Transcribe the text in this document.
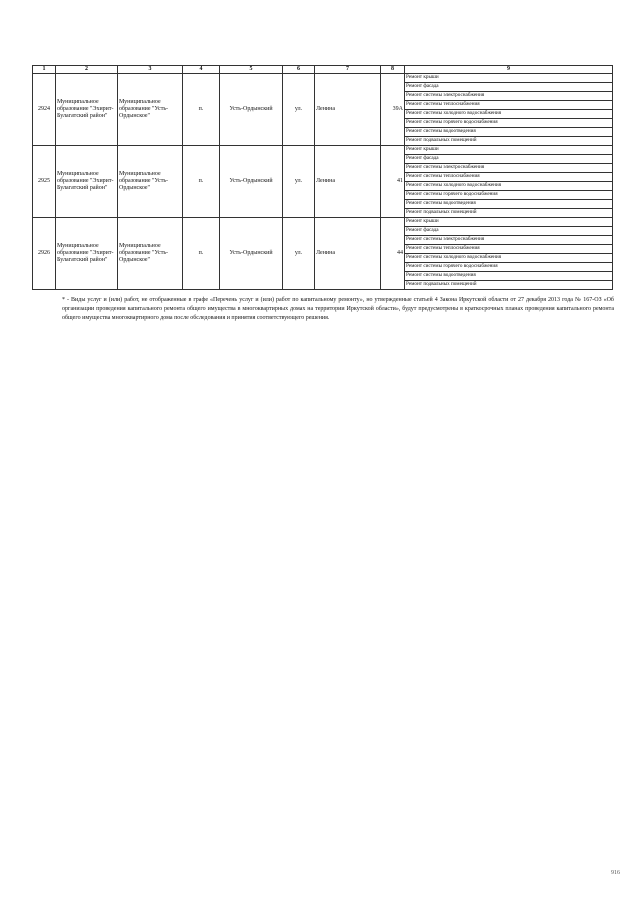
1	2	3	4	5	6	7	8	9
2924	Муниципальное образование "Эхирит-Булагатский район"	Муниципальное образование "Усть-Ордынское"	п.	Усть-Ордынский	ул.	Ленина	39А	Ремонт крыши
								Ремонт фасада
								Ремонт системы электроснабжения
								Ремонт системы теплоснабжения
								Ремонт системы холодного водоснабжения
								Ремонт системы горячего водоснабжения
								Ремонт системы водоотведения
								Ремонт подвальных помещений
2925	Муниципальное образование "Эхирит-Булагатский район"	Муниципальное образование "Усть-Ордынское"	п.	Усть-Ордынский	ул.	Ленина	41	Ремонт крыши
								Ремонт фасада
								Ремонт системы электроснабжения
								Ремонт системы теплоснабжения
								Ремонт системы холодного водоснабжения
								Ремонт системы горячего водоснабжения
								Ремонт системы водоотведения
								Ремонт подвальных помещений
2926	Муниципальное образование "Эхирит-Булагатский район"	Муниципальное образование "Усть-Ордынское"	п.	Усть-Ордынский	ул.	Ленина	44	Ремонт крыши
								Ремонт фасада
								Ремонт системы электроснабжения
								Ремонт системы теплоснабжения
								Ремонт системы холодного водоснабжения
								Ремонт системы горячего водоснабжения
								Ремонт системы водоотведения
								Ремонт подвальных помещений
* - Виды услуг и (или) работ, не отображенные в графе «Перечень услуг и (или) работ по капитальному ремонту», но утвержденные статьей 4 Закона Иркутской области от 27 декабря 2013 года № 167-ОЗ «Об организации проведения капитального ремонта общего имущества в многоквартирных домах на территории Иркутской области», будут предусмотрены в краткосрочных планах проведения капитального ремонта общего имущества многоквартирного дома после обследования и принятия соответствующего решения.
916
